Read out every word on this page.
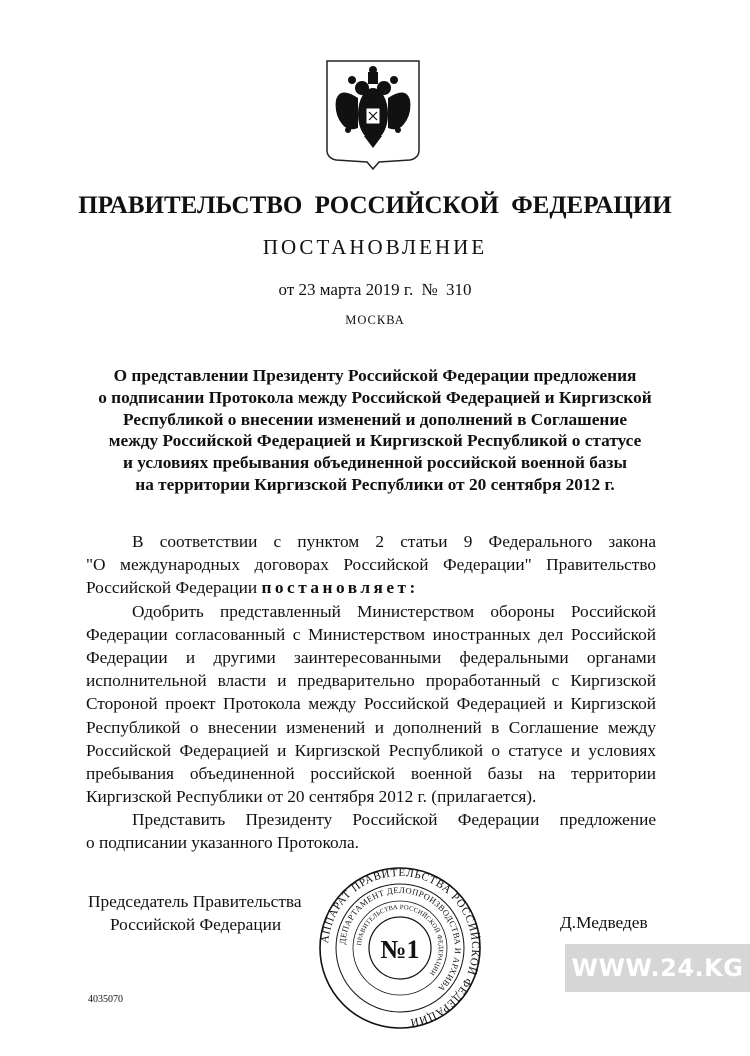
ПРАВИТЕЛЬСТВО РОССИЙСКОЙ ФЕДЕРАЦИИ
ПОСТАНОВЛЕНИЕ
от 23 марта 2019 г. № 310
МОСКВА
О представлении Президенту Российской Федерации предложения
о подписании Протокола между Российской Федерацией и Киргизской
Республикой о внесении изменений и дополнений в Соглашение
между Российской Федерацией и Киргизской Республикой о статусе
и условиях пребывания объединенной российской военной базы
на территории Киргизской Республики от 20 сентября 2012 г.
В соответствии с пунктом 2 статьи 9 Федерального закона
"О международных договорах Российской Федерации" Правительство
Российской Федерации постановляет:
Одобрить представленный Министерством обороны Российской
Федерации согласованный с Министерством иностранных дел Российской
Федерации и другими заинтересованными федеральными органами
исполнительной власти и предварительно проработанный с Киргизской
Стороной проект Протокола между Российской Федерацией и Киргизской
Республикой о внесении изменений и дополнений в Соглашение между
Российской Федерацией и Киргизской Республикой о статусе и условиях
пребывания объединенной российской военной базы на территории
Киргизской Республики от 20 сентября 2012 г. (прилагается).
Представить Президенту Российской Федерации предложение
о подписании указанного Протокола.
Председатель Правительства
Российской Федерации
АППАРАТ ПРАВИТЕЛЬСТВА РОССИЙСКОЙ ФЕДЕРАЦИИ
ДЕПАРТАМЕНТ ДЕЛОПРОИЗВОДСТВА И АРХИВА
ПРАВИТЕЛЬСТВА РОССИЙСКОЙ ФЕДЕРАЦИИ
№1
Д.Медведев
4035070
WWW.24.KG
